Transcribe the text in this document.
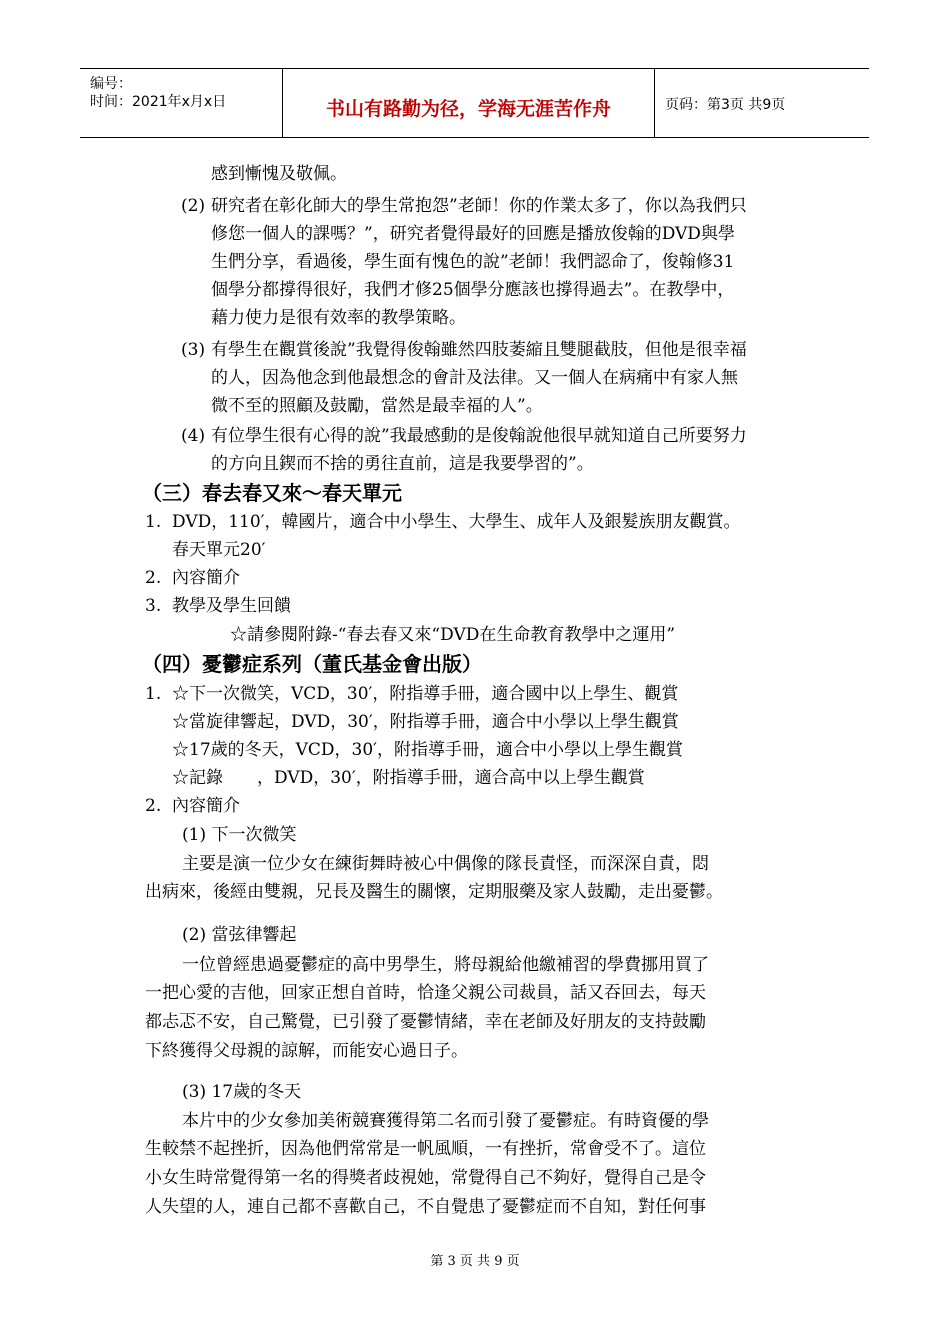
编号：
时间：2021年x月x日	书山有路勤为径，学海无涯苦作舟	页码：第3页 共9页
感到慚愧及敬佩。
(2) 研究者在彰化師大的學生常抱怨”老師！你的作業太多了，你以為我們只
修您一個人的課嗎？”，研究者覺得最好的回應是播放俊翰的DVD與學
生們分享，看過後，學生面有愧色的說”老師！我們認命了，俊翰修31
個學分都撐得很好，我們才修25個學分應該也撐得過去”。在教學中，
藉力使力是很有效率的教學策略。
(3) 有學生在觀賞後說”我覺得俊翰雖然四肢萎縮且雙腿截肢，但他是很幸福
的人，因為他念到他最想念的會計及法律。又一個人在病痛中有家人無
微不至的照顧及鼓勵，當然是最幸福的人”。
(4) 有位學生很有心得的說”我最感動的是俊翰說他很早就知道自己所要努力
的方向且鍥而不捨的勇往直前，這是我要學習的”。
（三）春去春又來～春天單元
1. DVD，110′，韓國片，適合中小學生、大學生、成年人及銀髮族朋友觀賞。
春天單元20′
2. 內容簡介
3. 教學及學生回饋
☆請參閱附錄-“春去春又來“DVD在生命教育教學中之運用”
（四）憂鬱症系列（董氏基金會出版）
1. ☆下一次微笑，VCD，30′，附指導手冊，適合國中以上學生、觀賞
☆當旋律響起，DVD，30′，附指導手冊，適合中小學以上學生觀賞
☆17歲的冬天，VCD，30′，附指導手冊，適合中小學以上學生觀賞
☆記錄　　，DVD，30′，附指導手冊，適合高中以上學生觀賞
2. 內容簡介
(1) 下一次微笑
主要是演一位少女在練街舞時被心中偶像的隊長責怪，而深深自責，悶
出病來，後經由雙親，兄長及醫生的關懷，定期服藥及家人鼓勵，走出憂鬱。
(2) 當弦律響起
一位曾經患過憂鬱症的高中男學生，將母親給他繳補習的學費挪用買了
一把心愛的吉他，回家正想自首時，恰逢父親公司裁員，話又吞回去，每天
都忐忑不安，自己驚覺，已引發了憂鬱情緒，幸在老師及好朋友的支持鼓勵
下終獲得父母親的諒解，而能安心過日子。
(3) 17歲的冬天
本片中的少女參加美術競賽獲得第二名而引發了憂鬱症。有時資優的學
生較禁不起挫折，因為他們常常是一帆風順，一有挫折，常會受不了。這位
小女生時常覺得第一名的得獎者歧視她，常覺得自己不夠好，覺得自己是令
人失望的人，連自己都不喜歡自己，不自覺患了憂鬱症而不自知，對任何事
第 3 页 共 9 页
